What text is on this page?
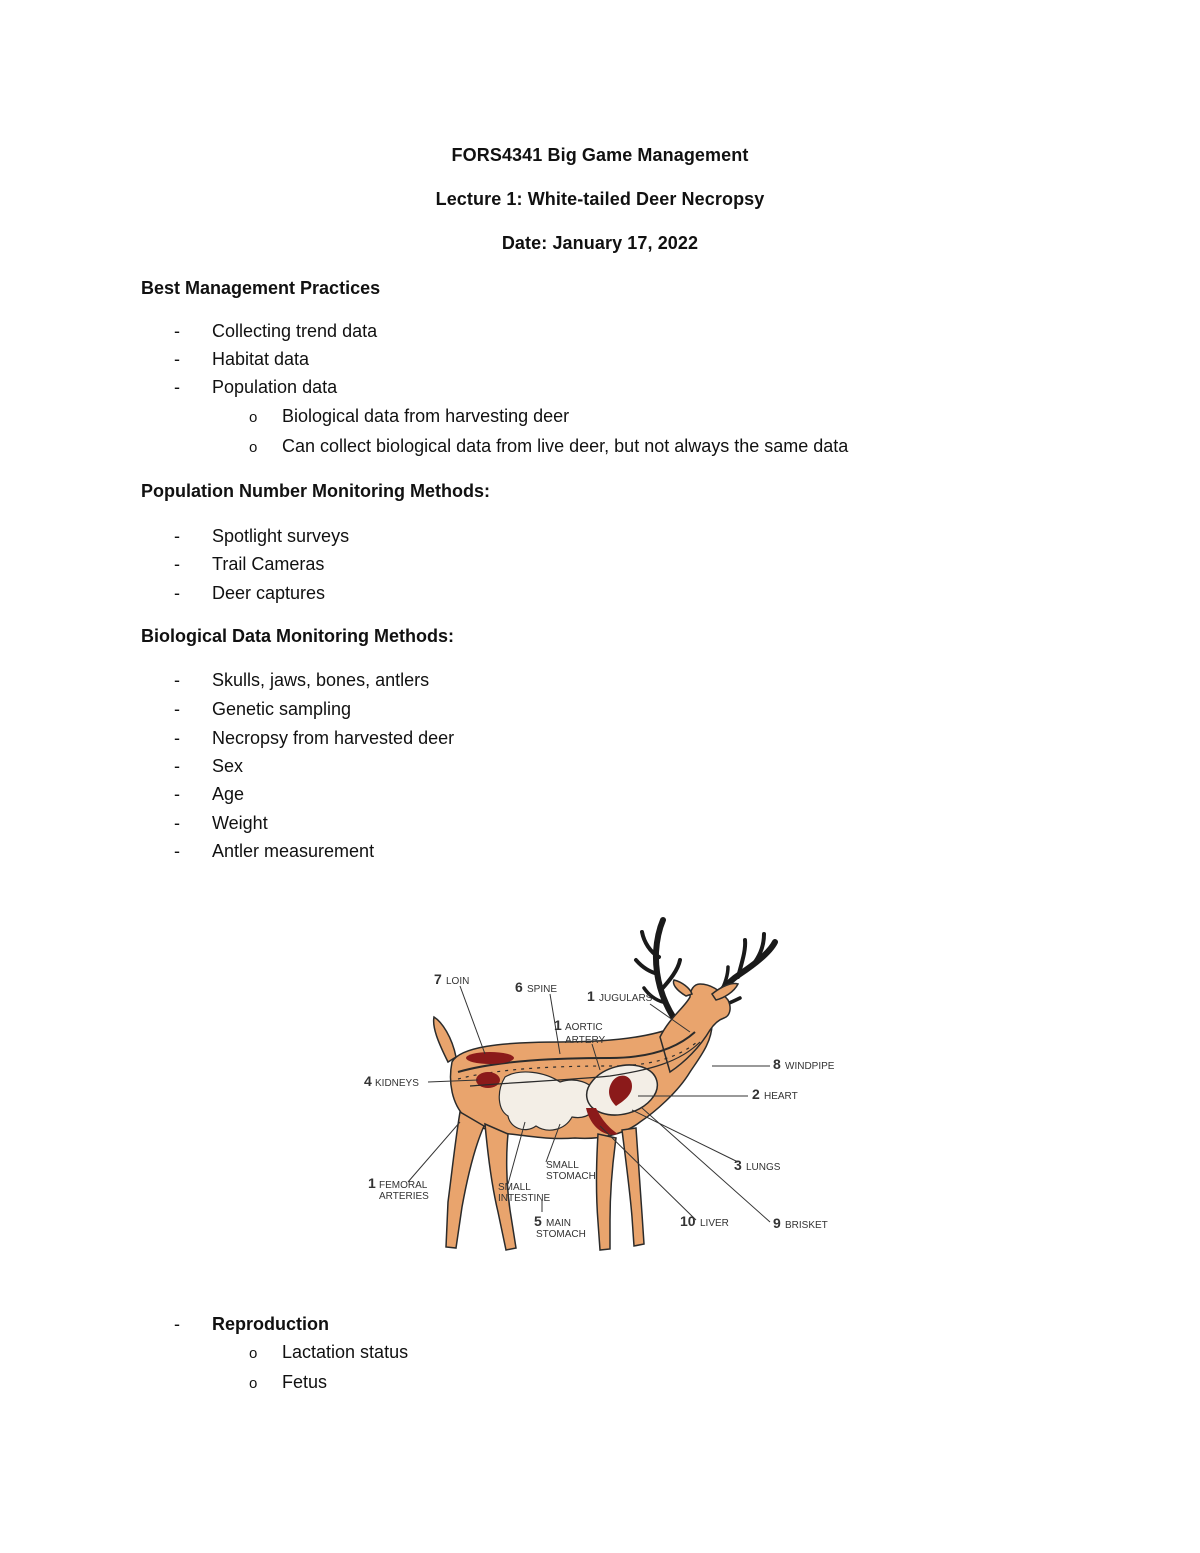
FORS4341 Big Game Management
Lecture 1: White-tailed Deer Necropsy
Date: January 17, 2022
Best Management Practices
-	Collecting trend data
-	Habitat data
-	Population data
o	Biological data from harvesting deer
o	Can collect biological data from live deer, but not always the same data
Population Number Monitoring Methods:
-	Spotlight surveys
-	Trail Cameras
-	Deer captures
Biological Data Monitoring Methods:
-	Skulls, jaws, bones, antlers
-	Genetic sampling
-	Necropsy from harvested deer
-	Sex
-	Age
-	Weight
-	Antler measurement
7 LOIN	6 SPINE 1 JUGULARS
1 AORTIC
ARTERY
8 WINDPIPE
4 KIDNEYS
2 HEART
3 LUNGS
1 FEMORAL
ARTERIES
SMALL
INTESTINE
SMALL
STOMACH
5 MAIN
STOMACH
10 LIVER	9 BRISKET
-	Reproduction
o	Lactation status
o	Fetus
